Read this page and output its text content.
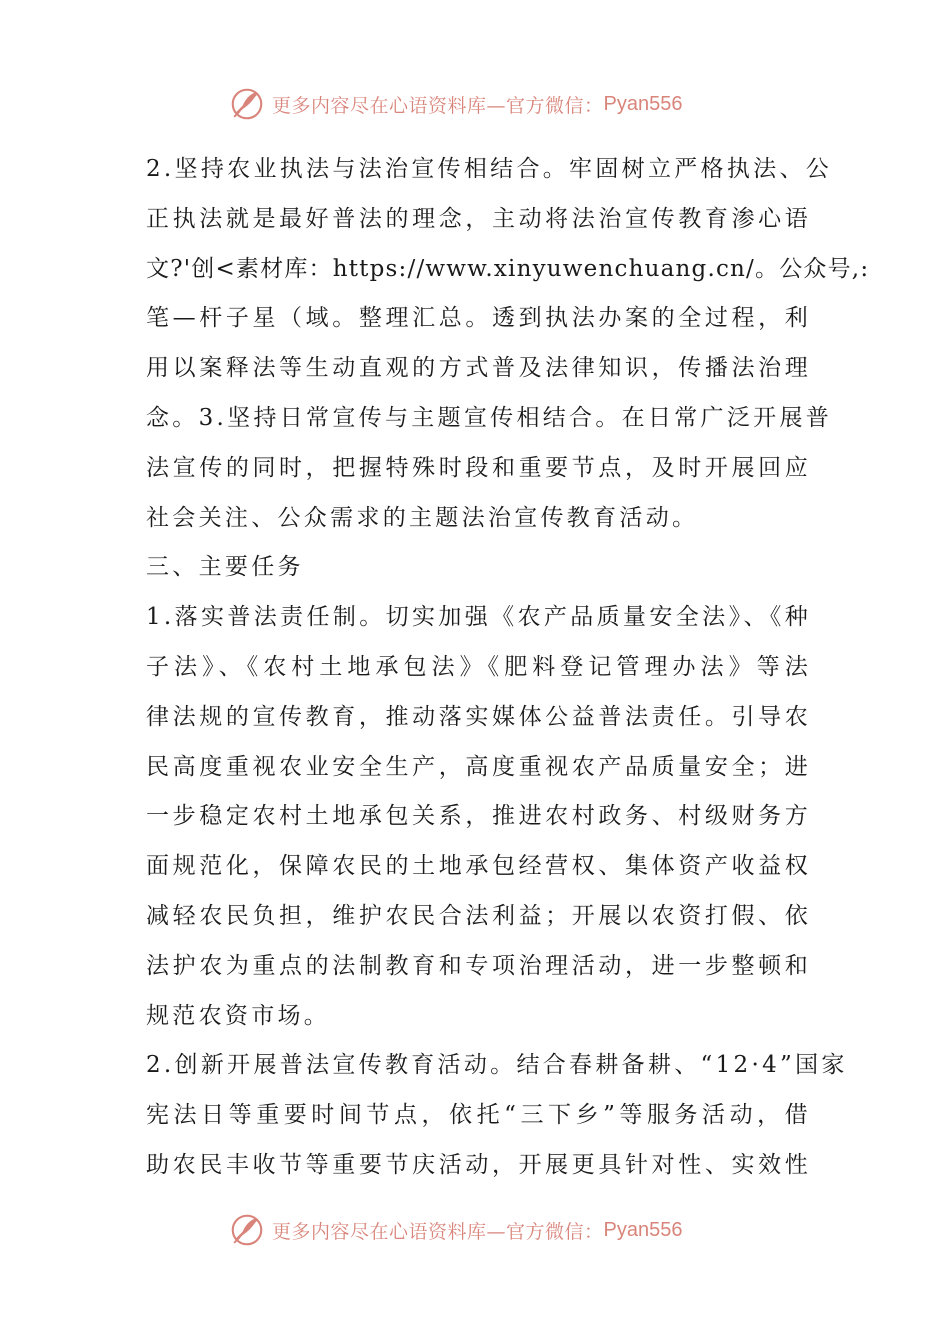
更多内容尽在心语资料库—官方微信： Pyan556
2.坚持农业执法与法治宣传相结合。牢固树立严格执法、公
正执法就是最好普法的理念，主动将法治宣传教育渗心语
文?'创<素材库：https://www.xinyuwenchuang.cn/。公众号,:
笔—杆子星（域。整理汇总。透到执法办案的全过程，利
用以案释法等生动直观的方式普及法律知识，传播法治理
念。3.坚持日常宣传与主题宣传相结合。在日常广泛开展普
法宣传的同时，把握特殊时段和重要节点，及时开展回应
社会关注、公众需求的主题法治宣传教育活动。
三、主要任务
1.落实普法责任制。切实加强《农产品质量安全法》、《种
子法》、《农村土地承包法》《肥料登记管理办法》等法
律法规的宣传教育，推动落实媒体公益普法责任。引导农
民高度重视农业安全生产，高度重视农产品质量安全；进
一步稳定农村土地承包关系，推进农村政务、村级财务方
面规范化，保障农民的土地承包经营权、集体资产收益权
减轻农民负担，维护农民合法利益；开展以农资打假、依
法护农为重点的法制教育和专项治理活动，进一步整顿和
规范农资市场。
2.创新开展普法宣传教育活动。结合春耕备耕、“12·4”国家
宪法日等重要时间节点，依托“三下乡”等服务活动，借
助农民丰收节等重要节庆活动，开展更具针对性、实效性
更多内容尽在心语资料库—官方微信： Pyan556
